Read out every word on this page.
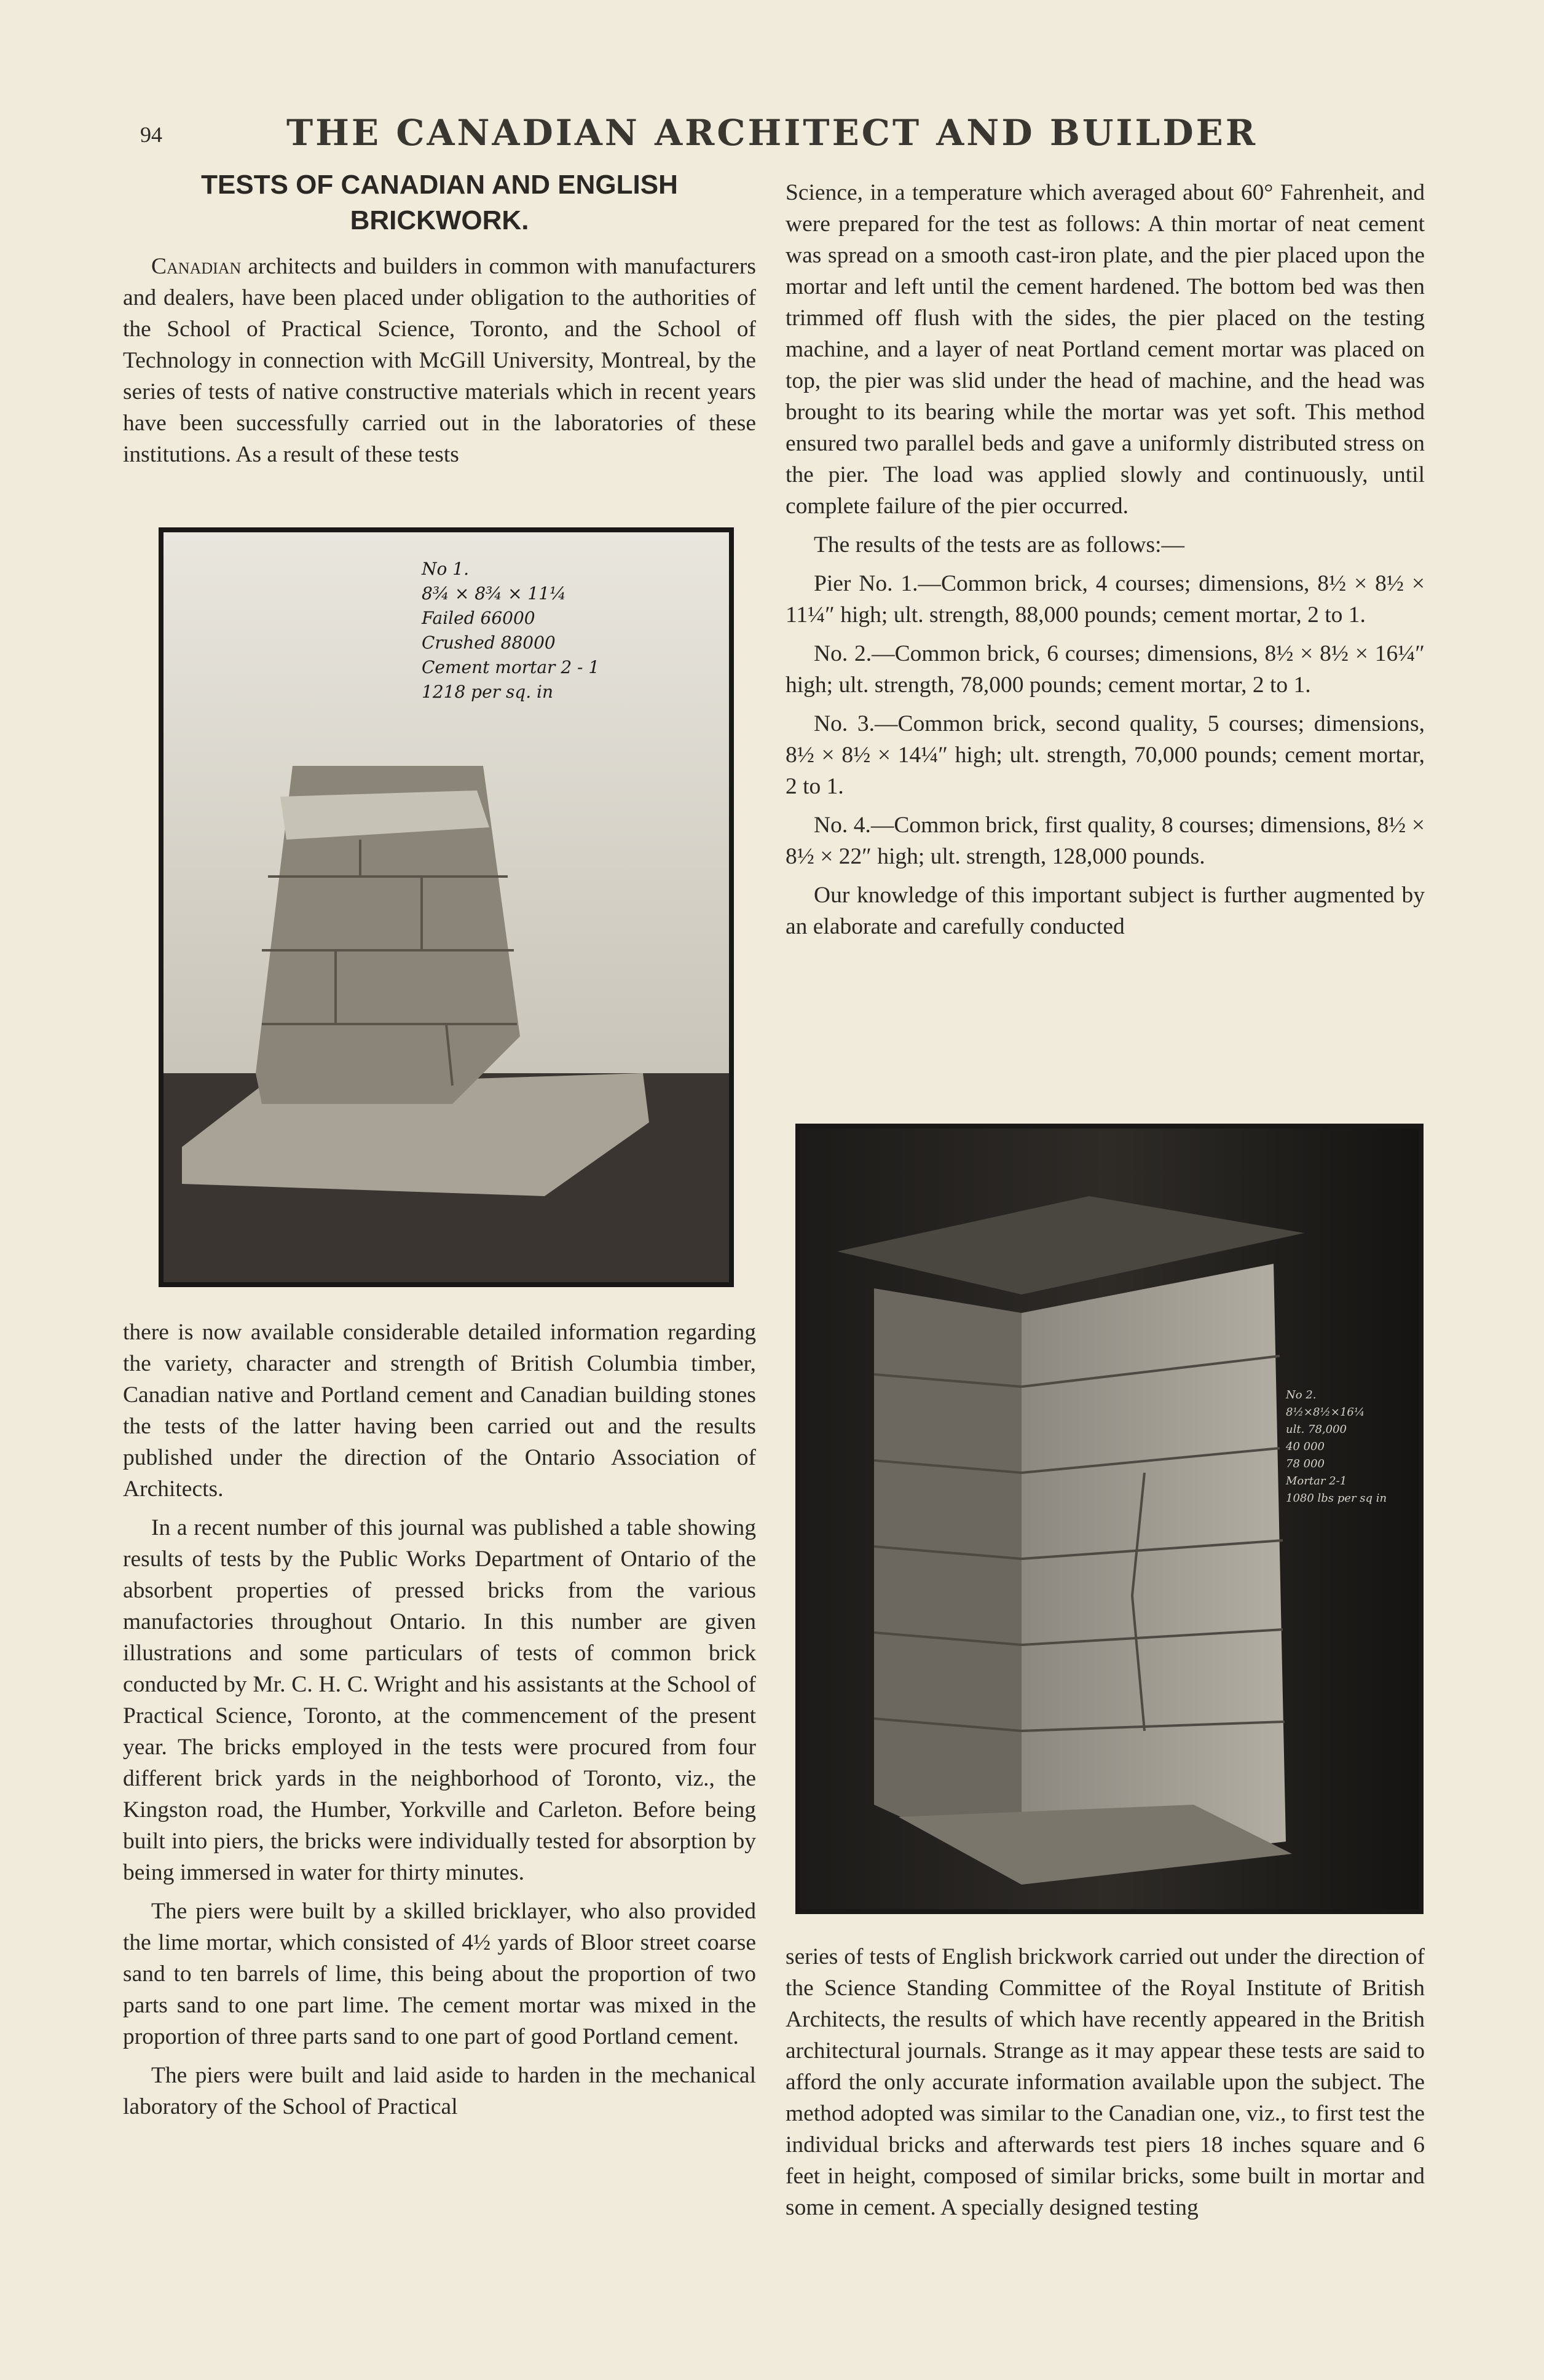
94	THE CANADIAN ARCHITECT AND BUILDER
TESTS OF CANADIAN AND ENGLISH BRICKWORK.

Canadian architects and builders in common with manufacturers and dealers, have been placed under obligation to the authorities of the School of Practical Science, Toronto, and the School of Technology in connection with McGill University, Montreal, by the series of tests of native constructive materials which in recent years have been successfully carried out in the laboratories of these institutions. As a result of these tests

No 1.
8¾ × 8¾ × 11¼
Failed 66000
Crushed 88000
Cement mortar 2 - 1
1218 per sq. in

there is now available considerable detailed information regarding the variety, character and strength of British Columbia timber, Canadian native and Portland cement and Canadian building stones the tests of the latter having been carried out and the results published under the direction of the Ontario Association of Architects.

In a recent number of this journal was published a table showing results of tests by the Public Works Department of Ontario of the absorbent properties of pressed bricks from the various manufactories throughout Ontario. In this number are given illustrations and some particulars of tests of common brick conducted by Mr. C. H. C. Wright and his assistants at the School of Practical Science, Toronto, at the commencement of the present year. The bricks employed in the tests were procured from four different brick yards in the neighborhood of Toronto, viz., the Kingston road, the Humber, Yorkville and Carleton. Before being built into piers, the bricks were individually tested for absorption by being immersed in water for thirty minutes.

The piers were built by a skilled bricklayer, who also provided the lime mortar, which consisted of 4½ yards of Bloor street coarse sand to ten barrels of lime, this being about the proportion of two parts sand to one part lime. The cement mortar was mixed in the proportion of three parts sand to one part of good Portland cement.

The piers were built and laid aside to harden in the mechanical laboratory of the School of Practical

Science, in a temperature which averaged about 60° Fahrenheit, and were prepared for the test as follows: A thin mortar of neat cement was spread on a smooth cast-iron plate, and the pier placed upon the mortar and left until the cement hardened. The bottom bed was then trimmed off flush with the sides, the pier placed on the testing machine, and a layer of neat Portland cement mortar was placed on top, the pier was slid under the head of machine, and the head was brought to its bearing while the mortar was yet soft. This method ensured two parallel beds and gave a uniformly distributed stress on the pier. The load was applied slowly and continuously, until complete failure of the pier occurred.

The results of the tests are as follows:—

Pier No. 1.—Common brick, 4 courses; dimensions, 8½ × 8½ × 11¼″ high; ult. strength, 88,000 pounds; cement mortar, 2 to 1.

No. 2.—Common brick, 6 courses; dimensions, 8½ × 8½ × 16¼″ high; ult. strength, 78,000 pounds; cement mortar, 2 to 1.

No. 3.—Common brick, second quality, 5 courses; dimensions, 8½ × 8½ × 14¼″ high; ult. strength, 70,000 pounds; cement mortar, 2 to 1.

No. 4.—Common brick, first quality, 8 courses; dimensions, 8½ × 8½ × 22″ high; ult. strength, 128,000 pounds.

Our knowledge of this important subject is further augmented by an elaborate and carefully conducted

No 2.
8½×8½×16¼
ult. 78,000
40 000
78 000
Mortar 2-1
1080 lbs per sq in

series of tests of English brickwork carried out under the direction of the Science Standing Committee of the Royal Institute of British Architects, the results of which have recently appeared in the British architectural journals. Strange as it may appear these tests are said to afford the only accurate information available upon the subject. The method adopted was similar to the Canadian one, viz., to first test the individual bricks and afterwards test piers 18 inches square and 6 feet in height, composed of similar bricks, some built in mortar and some in cement. A specially designed testing
